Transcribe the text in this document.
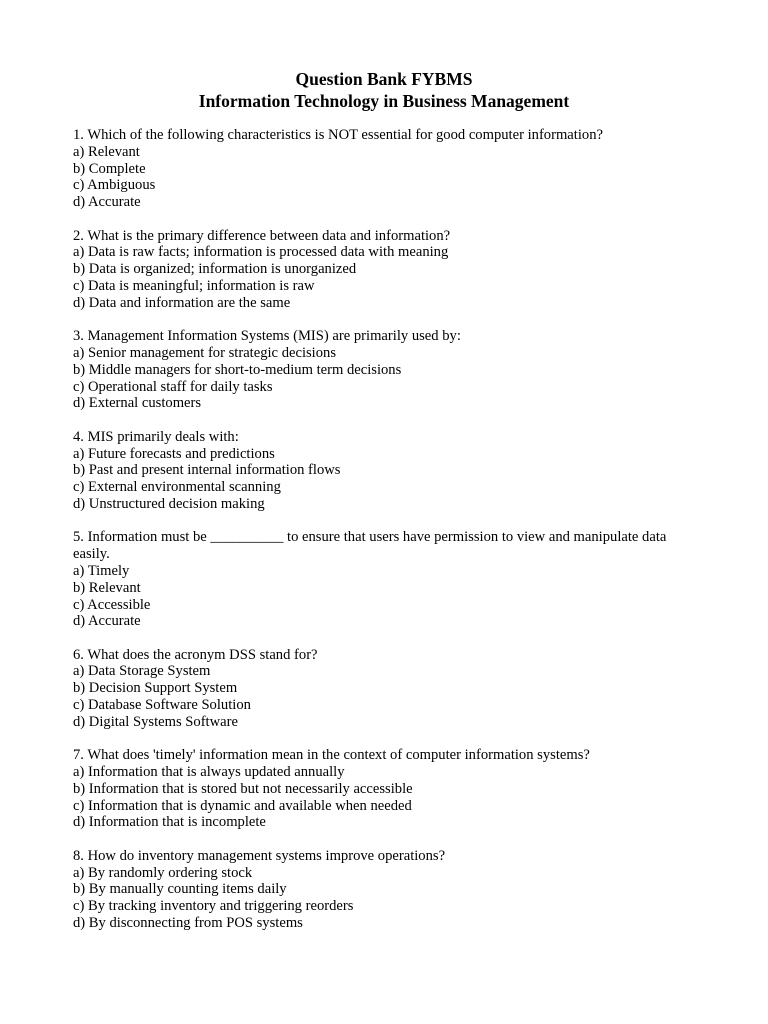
Question Bank FYBMS
Information Technology in Business Management
1. Which of the following characteristics is NOT essential for good computer information?
a) Relevant
b) Complete
c) Ambiguous
d) Accurate
2. What is the primary difference between data and information?
a) Data is raw facts; information is processed data with meaning
b) Data is organized; information is unorganized
c) Data is meaningful; information is raw
d) Data and information are the same
3. Management Information Systems (MIS) are primarily used by:
a) Senior management for strategic decisions
b) Middle managers for short-to-medium term decisions
c) Operational staff for daily tasks
d) External customers
4. MIS primarily deals with:
a) Future forecasts and predictions
b) Past and present internal information flows
c) External environmental scanning
d) Unstructured decision making
5. Information must be __________ to ensure that users have permission to view and manipulate data easily.
a) Timely
b) Relevant
c) Accessible
d) Accurate
6. What does the acronym DSS stand for?
a) Data Storage System
b) Decision Support System
c) Database Software Solution
d) Digital Systems Software
7. What does 'timely' information mean in the context of computer information systems?
a) Information that is always updated annually
b) Information that is stored but not necessarily accessible
c) Information that is dynamic and available when needed
d) Information that is incomplete
8. How do inventory management systems improve operations?
a) By randomly ordering stock
b) By manually counting items daily
c) By tracking inventory and triggering reorders
d) By disconnecting from POS systems
